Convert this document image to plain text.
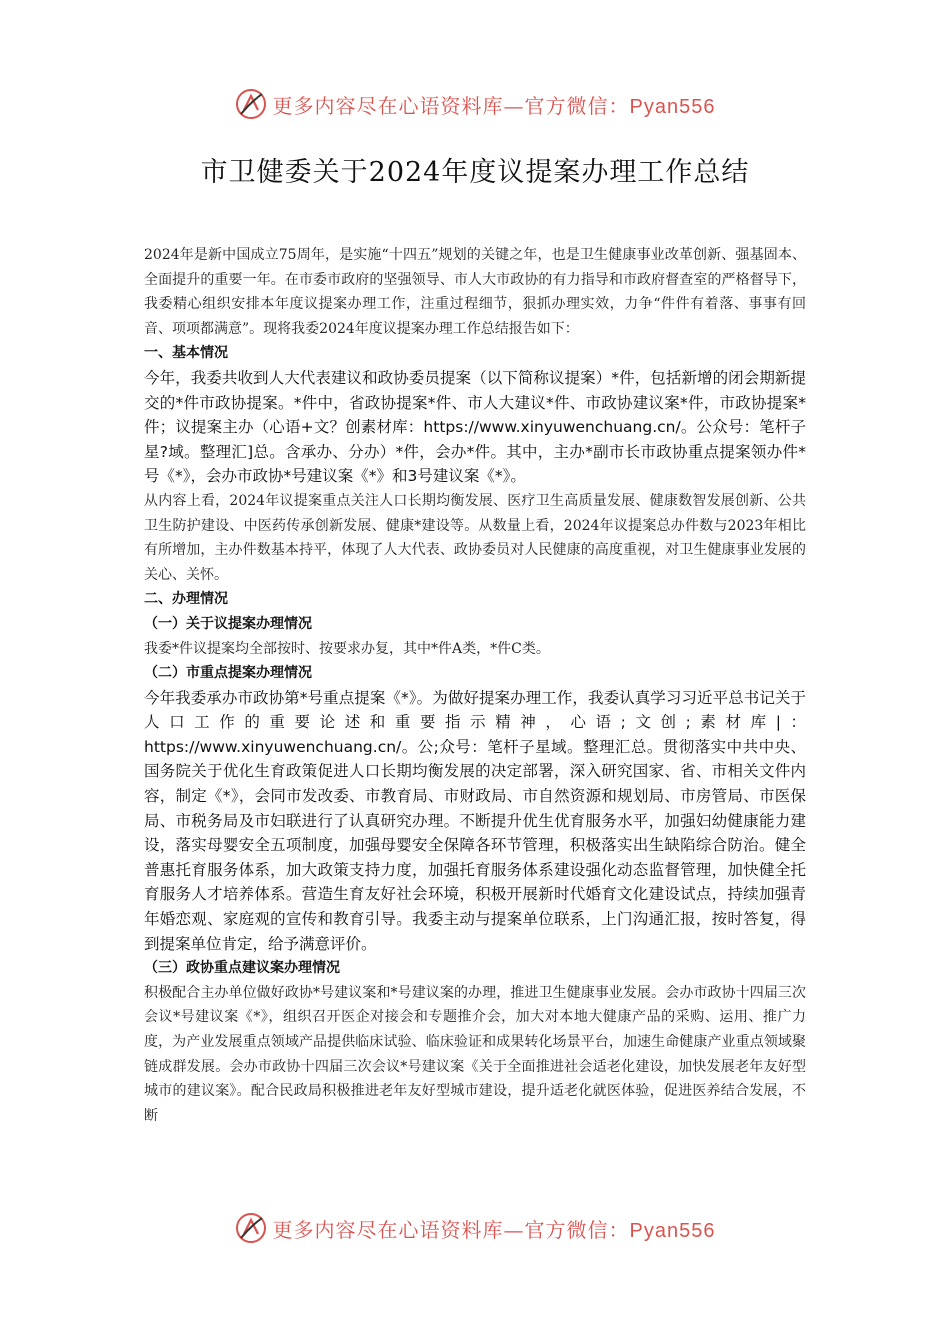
更多内容尽在心语资料库—官方微信：Pyan556
市卫健委关于2024年度议提案办理工作总结

2024年是新中国成立75周年，是实施“十四五”规划的关键之年，也是卫生健康事业改革创新、强基固本、全面提升的重要一年。在市委市政府的坚强领导、市人大市政协的有力指导和市政府督查室的严格督导下，我委精心组织安排本年度议提案办理工作，注重过程细节，狠抓办理实效，力争“件件有着落、事事有回音、项项都满意”。现将我委2024年度议提案办理工作总结报告如下：

一、基本情况

今年，我委共收到人大代表建议和政协委员提案（以下简称议提案）*件，包括新增的闭会期新提交的*件市政协提案。*件中，省政协提案*件、市人大建议*件、市政协建议案*件，市政协提案*件；议提案主办（心语+文？创素材库：https://www.xinyuwenchuang.cn/。公众号：笔杆子星?域。整理汇]总。含承办、分办）*件，会办*件。其中，主办*副市长市政协重点提案领办件*号《*》，会办市政协*号建议案《*》和3号建议案《*》。

从内容上看，2024年议提案重点关注人口长期均衡发展、医疗卫生高质量发展、健康数智发展创新、公共卫生防护建设、中医药传承创新发展、健康*建设等。从数量上看，2024年议提案总办件数与2023年相比有所增加，主办件数基本持平，体现了人大代表、政协委员对人民健康的高度重视，对卫生健康事业发展的关心、关怀。

二、办理情况

（一）关于议提案办理情况

我委*件议提案均全部按时、按要求办复，其中*件A类，*件C类。

（二）市重点提案办理情况

今年我委承办市政协第*号重点提案《*》。为做好提案办理工作，我委认真学习习近平总书记关于人口工作的重要论述和重要指示精神，心语;文创;素材库|：https://www.xinyuwenchuang.cn/。公;众号：笔杆子星域。整理汇总。贯彻落实中共中央、国务院关于优化生育政策促进人口长期均衡发展的决定部署，深入研究国家、省、市相关文件内容，制定《*》，会同市发改委、市教育局、市财政局、市自然资源和规划局、市房管局、市医保局、市税务局及市妇联进行了认真研究办理。不断提升优生优育服务水平，加强妇幼健康能力建设，落实母婴安全五项制度，加强母婴安全保障各环节管理，积极落实出生缺陷综合防治。健全普惠托育服务体系，加大政策支持力度，加强托育服务体系建设强化动态监督管理，加快健全托育服务人才培养体系。营造生育友好社会环境，积极开展新时代婚育文化建设试点，持续加强青年婚恋观、家庭观的宣传和教育引导。我委主动与提案单位联系，上门沟通汇报，按时答复，得到提案单位肯定，给予满意评价。

（三）政协重点建议案办理情况

积极配合主办单位做好政协*号建议案和*号建议案的办理，推进卫生健康事业发展。会办市政协十四届三次会议*号建议案《*》，组织召开医企对接会和专题推介会，加大对本地大健康产品的采购、运用、推广力度，为产业发展重点领域产品提供临床试验、临床验证和成果转化场景平台，加速生命健康产业重点领域聚链成群发展。会办市政协十四届三次会议*号建议案《关于全面推进社会适老化建设，加快发展老年友好型城市的建议案》。配合民政局积极推进老年友好型城市建设，提升适老化就医体验，促进医养结合发展，不断

更多内容尽在心语资料库—官方微信：Pyan556
